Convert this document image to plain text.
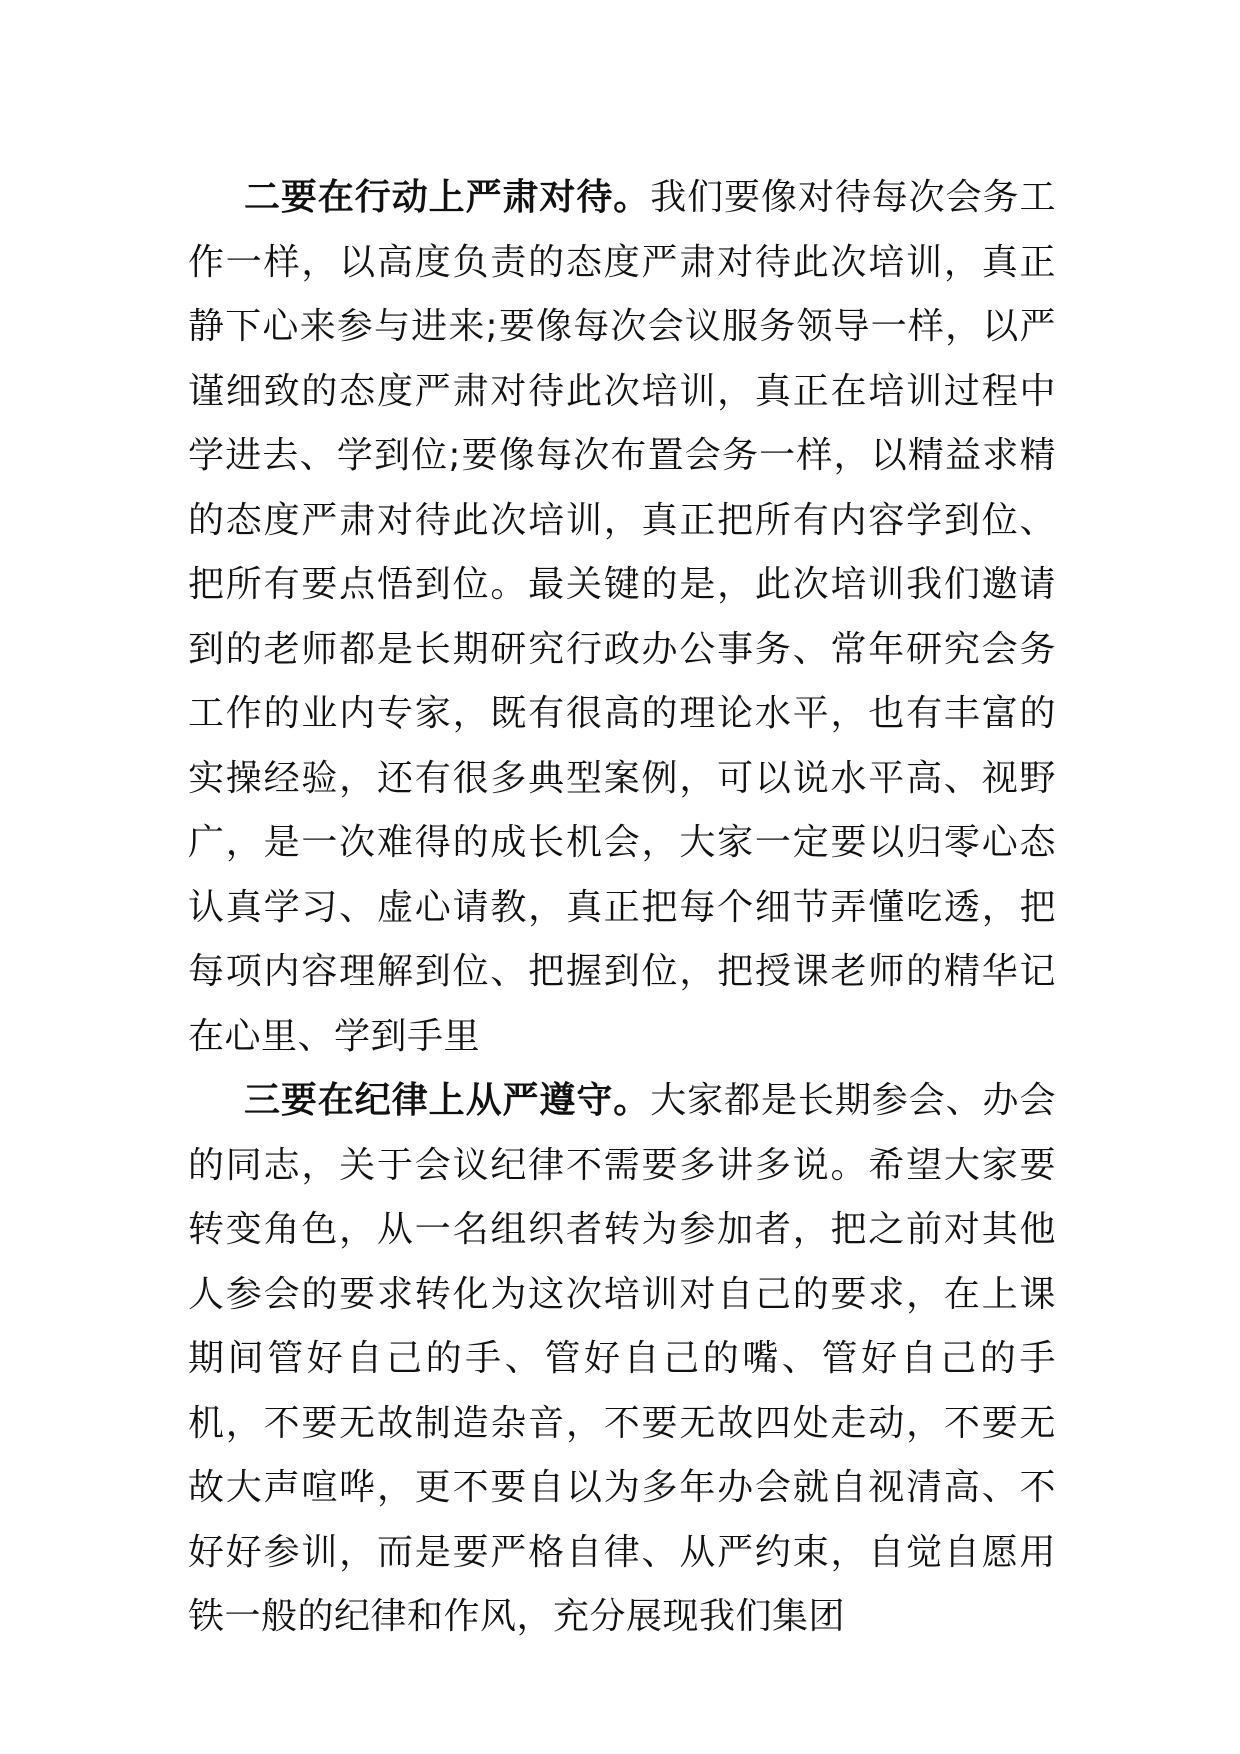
二要在行动上严肃对待。我们要像对待每次会务工作一样，以高度负责的态度严肃对待此次培训，真正静下心来参与进来;要像每次会议服务领导一样，以严谨细致的态度严肃对待此次培训，真正在培训过程中学进去、学到位;要像每次布置会务一样，以精益求精的态度严肃对待此次培训，真正把所有内容学到位、把所有要点悟到位。最关键的是，此次培训我们邀请到的老师都是长期研究行政办公事务、常年研究会务工作的业内专家，既有很高的理论水平，也有丰富的实操经验，还有很多典型案例，可以说水平高、视野广，是一次难得的成长机会，大家一定要以归零心态认真学习、虚心请教，真正把每个细节弄懂吃透，把每项内容理解到位、把握到位，把授课老师的精华记在心里、学到手里

三要在纪律上从严遵守。大家都是长期参会、办会的同志，关于会议纪律不需要多讲多说。希望大家要转变角色，从一名组织者转为参加者，把之前对其他人参会的要求转化为这次培训对自己的要求，在上课期间管好自己的手、管好自己的嘴、管好自己的手机，不要无故制造杂音，不要无故四处走动，不要无故大声喧哗，更不要自以为多年办会就自视清高、不好好参训，而是要严格自律、从严约束，自觉自愿用铁一般的纪律和作风，充分展现我们集团
